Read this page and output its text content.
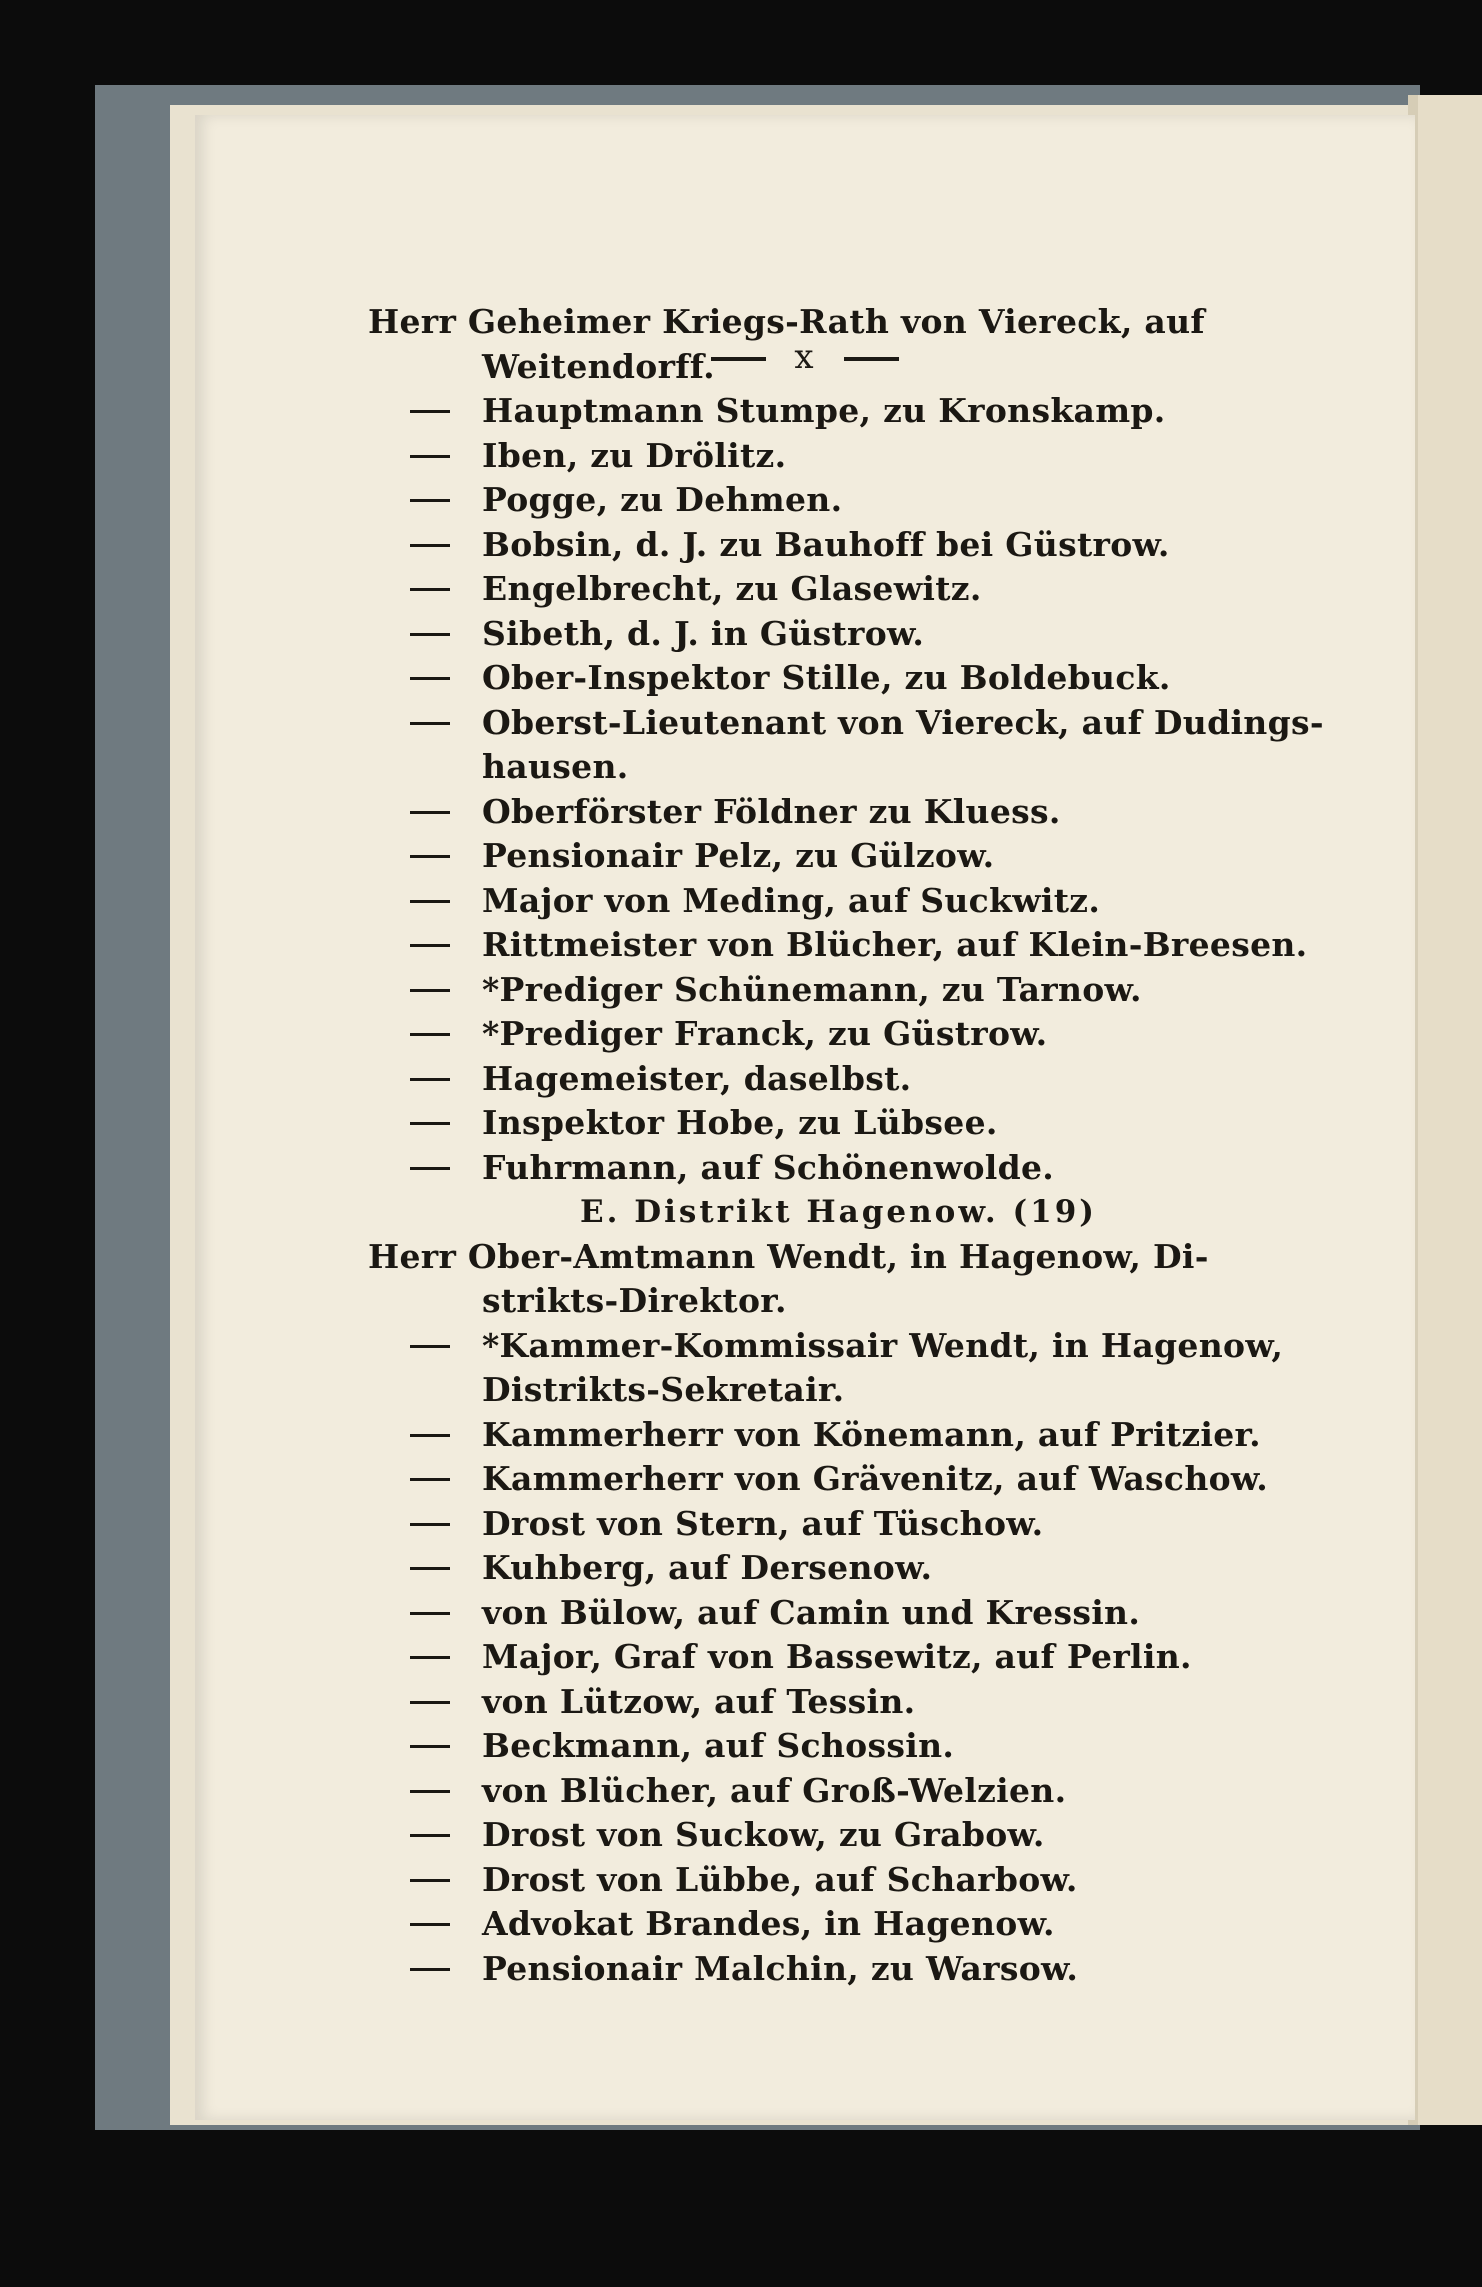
x
Herr Geheimer Kriegs-Rath von Viereck, auf
Weitendorff.
Hauptmann Stumpe, zu Kronskamp.
Iben, zu Drölitz.
Pogge, zu Dehmen.
Bobsin, d. J. zu Bauhoff bei Güstrow.
Engelbrecht, zu Glasewitz.
Sibeth, d. J. in Güstrow.
Ober-Inspektor Stille, zu Boldebuck.
Oberst-Lieutenant von Viereck, auf Dudings-
hausen.
Oberförster Földner zu Kluess.
Pensionair Pelz, zu Gülzow.
Major von Meding, auf Suckwitz.
Rittmeister von Blücher, auf Klein-Breesen.
*Prediger Schünemann, zu Tarnow.
*Prediger Franck, zu Güstrow.
Hagemeister, daselbst.
Inspektor Hobe, zu Lübsee.
Fuhrmann, auf Schönenwolde.
E. Distrikt Hagenow. (19)
Herr Ober-Amtmann Wendt, in Hagenow, Di-
strikts-Direktor.
*Kammer-Kommissair Wendt, in Hagenow,
Distrikts-Sekretair.
Kammerherr von Könemann, auf Pritzier.
Kammerherr von Grävenitz, auf Waschow.
Drost von Stern, auf Tüschow.
Kuhberg, auf Dersenow.
von Bülow, auf Camin und Kressin.
Major, Graf von Bassewitz, auf Perlin.
von Lützow, auf Tessin.
Beckmann, auf Schossin.
von Blücher, auf Groß-Welzien.
Drost von Suckow, zu Grabow.
Drost von Lübbe, auf Scharbow.
Advokat Brandes, in Hagenow.
Pensionair Malchin, zu Warsow.
